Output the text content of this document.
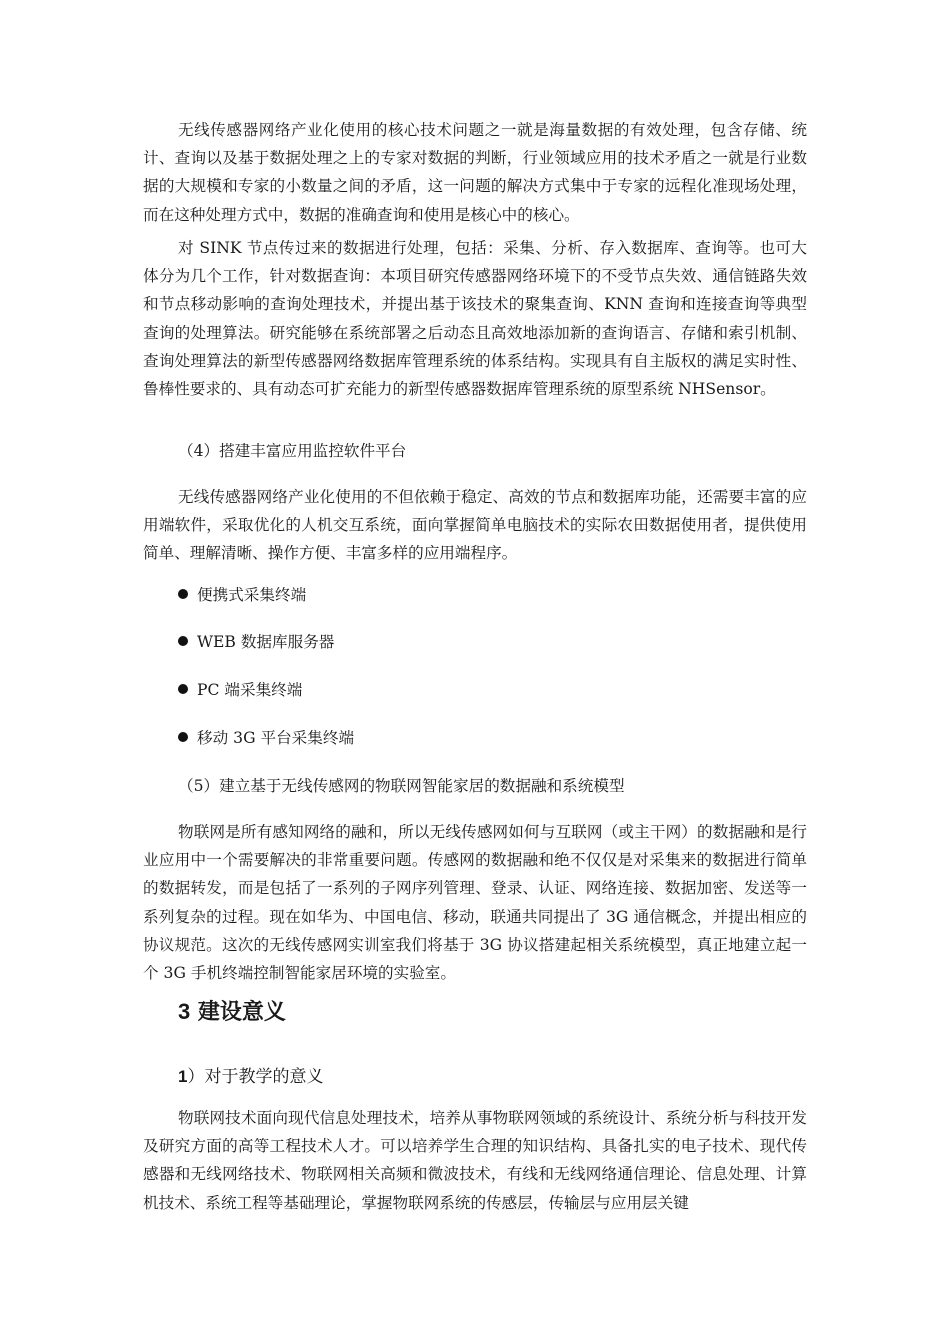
无线传感器网络产业化使用的核心技术问题之一就是海量数据的有效处理，包含存储、统计、查询以及基于数据处理之上的专家对数据的判断，行业领域应用的技术矛盾之一就是行业数据的大规模和专家的小数量之间的矛盾，这一问题的解决方式集中于专家的远程化准现场处理，而在这种处理方式中，数据的准确查询和使用是核心中的核心。

对 SINK 节点传过来的数据进行处理，包括：采集、分析、存入数据库、查询等。也可大体分为几个工作，针对数据查询：本项目研究传感器网络环境下的不受节点失效、通信链路失效和节点移动影响的查询处理技术，并提出基于该技术的聚集查询、KNN 查询和连接查询等典型查询的处理算法。研究能够在系统部署之后动态且高效地添加新的查询语言、存储和索引机制、查询处理算法的新型传感器网络数据库管理系统的体系结构。实现具有自主版权的满足实时性、鲁棒性要求的、具有动态可扩充能力的新型传感器数据库管理系统的原型系统 NHSensor。

（4）搭建丰富应用监控软件平台

无线传感器网络产业化使用的不但依赖于稳定、高效的节点和数据库功能，还需要丰富的应用端软件，采取优化的人机交互系统，面向掌握简单电脑技术的实际农田数据使用者，提供使用简单、理解清晰、操作方便、丰富多样的应用端程序。

便携式采集终端
WEB 数据库服务器
PC 端采集终端
移动 3G 平台采集终端

（5）建立基于无线传感网的物联网智能家居的数据融和系统模型

物联网是所有感知网络的融和，所以无线传感网如何与互联网（或主干网）的数据融和是行业应用中一个需要解决的非常重要问题。传感网的数据融和绝不仅仅是对采集来的数据进行简单的数据转发，而是包括了一系列的子网序列管理、登录、认证、网络连接、数据加密、发送等一系列复杂的过程。现在如华为、中国电信、移动，联通共同提出了 3G 通信概念，并提出相应的协议规范。这次的无线传感网实训室我们将基于 3G 协议搭建起相关系统模型，真正地建立起一个 3G 手机终端控制智能家居环境的实验室。

3 建设意义
1）对于教学的意义

物联网技术面向现代信息处理技术，培养从事物联网领域的系统设计、系统分析与科技开发及研究方面的高等工程技术人才。可以培养学生合理的知识结构、具备扎实的电子技术、现代传感器和无线网络技术、物联网相关高频和微波技术，有线和无线网络通信理论、信息处理、计算机技术、系统工程等基础理论，掌握物联网系统的传感层，传输层与应用层关键
